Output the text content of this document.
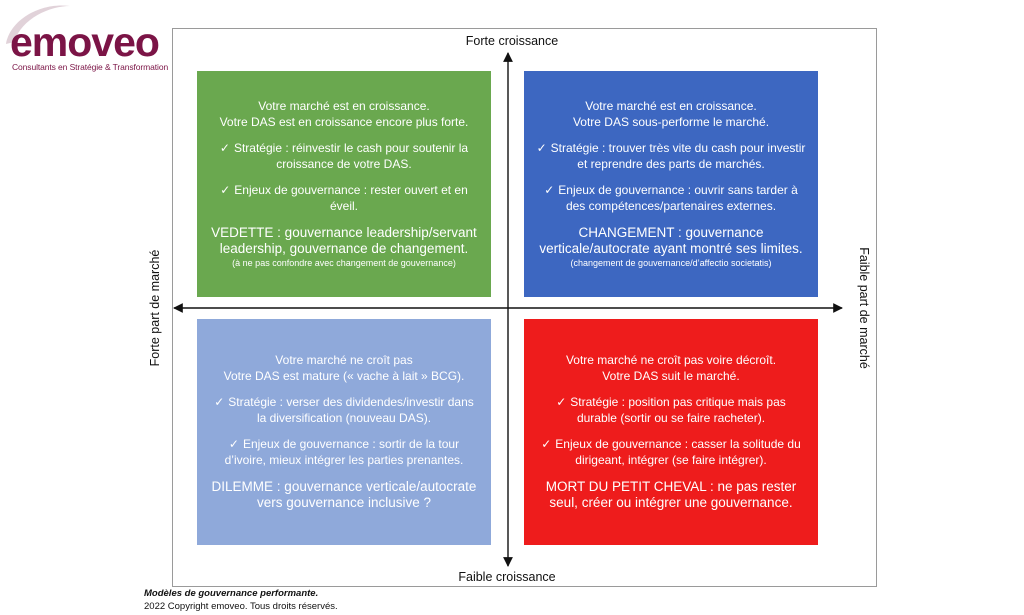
emoveo
Consultants en Stratégie & Transformation
Forte croissance
Faible croissance
Forte part de marché	Faible part de marché
Votre marché est en croissance.
Votre DAS est en croissance encore plus forte.
✓ Stratégie : réinvestir le cash pour soutenir la croissance de votre DAS.
✓ Enjeux de gouvernance : rester ouvert et en éveil.
VEDETTE : gouvernance leadership/servant leadership, gouvernance de changement.
(à ne pas confondre avec changement de gouvernance)
Votre marché est en croissance.
Votre DAS sous-performe le marché.
✓ Stratégie : trouver très vite du cash pour investir et reprendre des parts de marchés.
✓ Enjeux de gouvernance : ouvrir sans tarder à des compétences/partenaires externes.
CHANGEMENT : gouvernance verticale/autocrate ayant montré ses limites.
(changement de gouvernance/d’affectio societatis)
Votre marché ne croît pas
Votre DAS est mature (« vache à lait » BCG).
✓ Stratégie : verser des dividendes/investir dans la diversification (nouveau DAS).
✓ Enjeux de gouvernance : sortir de la tour d’ivoire, mieux intégrer les parties prenantes.
DILEMME : gouvernance verticale/autocrate vers gouvernance inclusive ?
Votre marché ne croît pas voire décroît.
Votre DAS suit le marché.
✓ Stratégie : position pas critique mais pas durable (sortir ou se faire racheter).
✓ Enjeux de gouvernance : casser la solitude du dirigeant, intégrer (se faire intégrer).
MORT DU PETIT CHEVAL : ne pas rester seul, créer ou intégrer une gouvernance.
Modèles de gouvernance performante.
2022 Copyright emoveo. Tous droits réservés.
